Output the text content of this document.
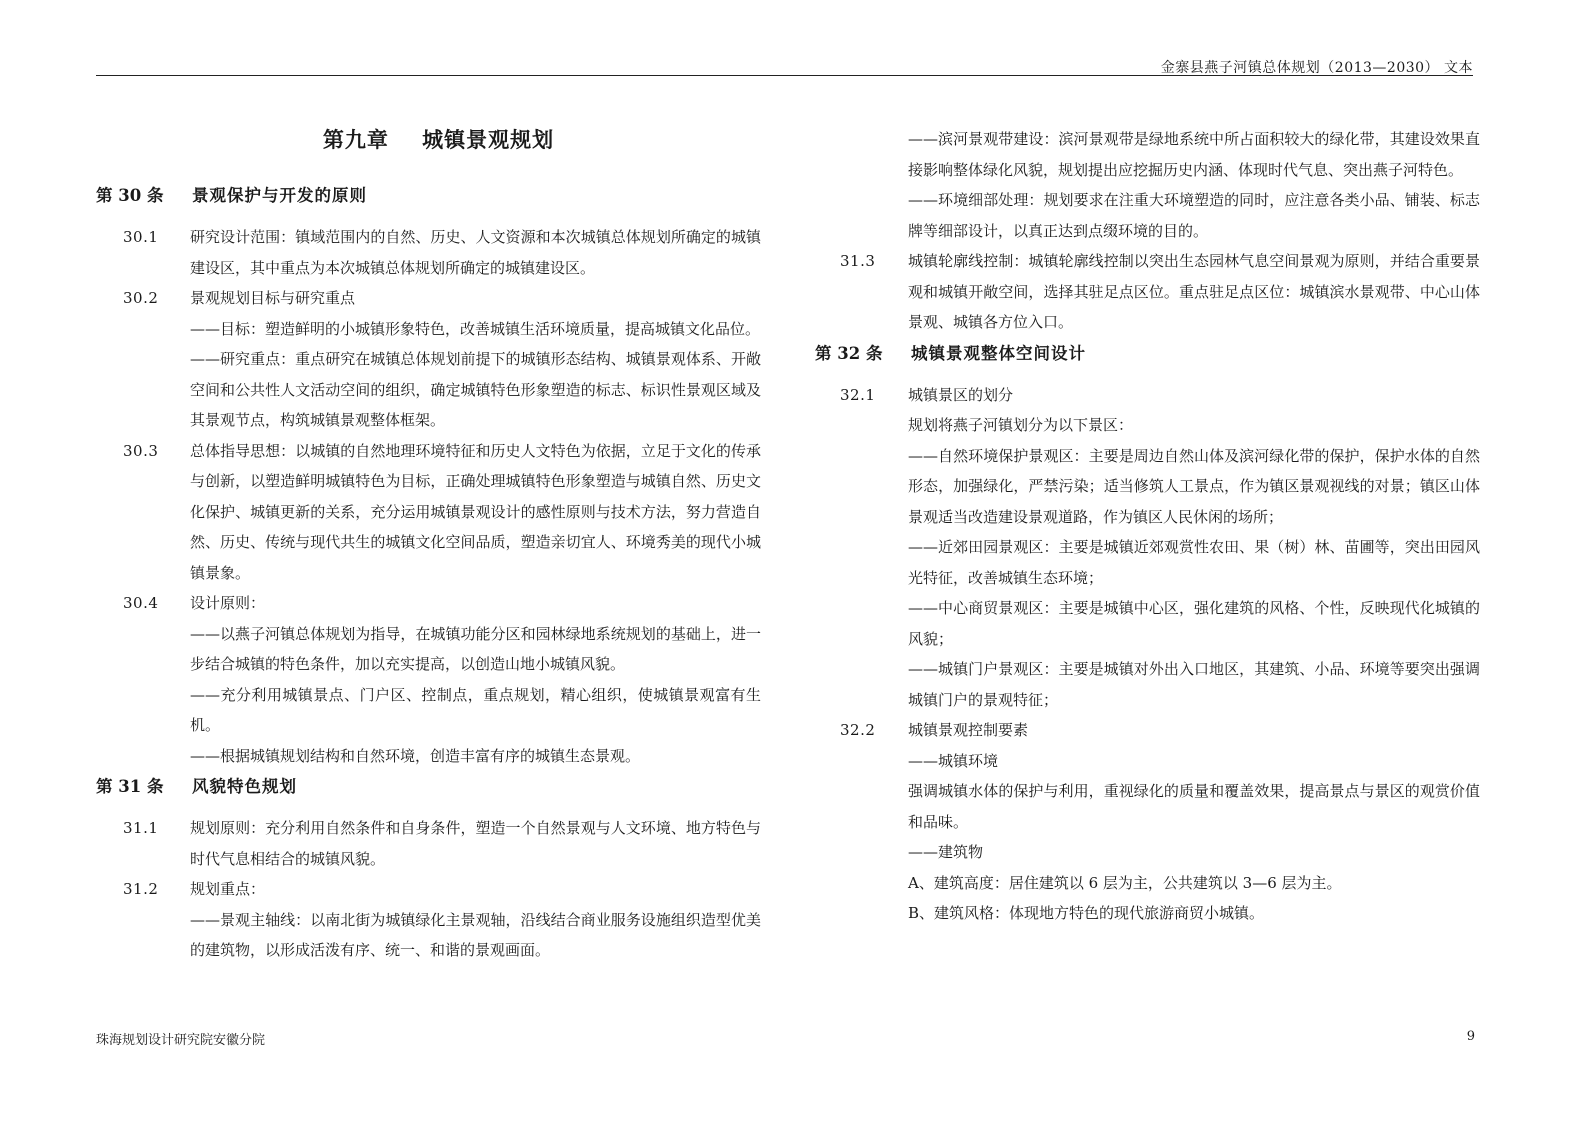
金寨县燕子河镇总体规划（2013—2030） 文本
第九章    城镇景观规划
第 30 条	景观保护与开发的原则
30.1	研究设计范围：镇域范围内的自然、历史、人文资源和本次城镇总体规划所确定的城镇建设区，其中重点为本次城镇总体规划所确定的城镇建设区。

30.2	景观规划目标与研究重点

——目标：塑造鲜明的小城镇形象特色，改善城镇生活环境质量，提高城镇文化品位。

——研究重点：重点研究在城镇总体规划前提下的城镇形态结构、城镇景观体系、开敞空间和公共性人文活动空间的组织，确定城镇特色形象塑造的标志、标识性景观区域及其景观节点，构筑城镇景观整体框架。

30.3	总体指导思想：以城镇的自然地理环境特征和历史人文特色为依据，立足于文化的传承与创新，以塑造鲜明城镇特色为目标，正确处理城镇特色形象塑造与城镇自然、历史文化保护、城镇更新的关系，充分运用城镇景观设计的感性原则与技术方法，努力营造自然、历史、传统与现代共生的城镇文化空间品质，塑造亲切宜人、环境秀美的现代小城镇景象。

30.4	设计原则：

——以燕子河镇总体规划为指导，在城镇功能分区和园林绿地系统规划的基础上，进一步结合城镇的特色条件，加以充实提高，以创造山地小城镇风貌。

——充分利用城镇景点、门户区、控制点，重点规划，精心组织，使城镇景观富有生机。

——根据城镇规划结构和自然环境，创造丰富有序的城镇生态景观。

第 31 条	风貌特色规划
31.1	规划原则：充分利用自然条件和自身条件，塑造一个自然景观与人文环境、地方特色与时代气息相结合的城镇风貌。

31.2	规划重点：

——景观主轴线：以南北街为城镇绿化主景观轴，沿线结合商业服务设施组织造型优美的建筑物，以形成活泼有序、统一、和谐的景观画面。

——滨河景观带建设：滨河景观带是绿地系统中所占面积较大的绿化带，其建设效果直接影响整体绿化风貌，规划提出应挖掘历史内涵、体现时代气息、突出燕子河特色。

——环境细部处理：规划要求在注重大环境塑造的同时，应注意各类小品、铺装、标志牌等细部设计，以真正达到点缀环境的目的。

31.3	城镇轮廓线控制：城镇轮廓线控制以突出生态园林气息空间景观为原则，并结合重要景观和城镇开敞空间，选择其驻足点区位。重点驻足点区位：城镇滨水景观带、中心山体景观、城镇各方位入口。

第 32 条	城镇景观整体空间设计
32.1	城镇景区的划分

规划将燕子河镇划分为以下景区：

——自然环境保护景观区：主要是周边自然山体及滨河绿化带的保护，保护水体的自然形态，加强绿化，严禁污染；适当修筑人工景点，作为镇区景观视线的对景；镇区山体景观适当改造建设景观道路，作为镇区人民休闲的场所；

——近郊田园景观区：主要是城镇近郊观赏性农田、果（树）林、苗圃等，突出田园风光特征，改善城镇生态环境；

——中心商贸景观区：主要是城镇中心区，强化建筑的风格、个性，反映现代化城镇的风貌；

——城镇门户景观区：主要是城镇对外出入口地区，其建筑、小品、环境等要突出强调城镇门户的景观特征；

32.2	城镇景观控制要素

——城镇环境

强调城镇水体的保护与利用，重视绿化的质量和覆盖效果，提高景点与景区的观赏价值和品味。

——建筑物

A、建筑高度：居住建筑以 6 层为主，公共建筑以 3—6 层为主。

B、建筑风格：体现地方特色的现代旅游商贸小城镇。

珠海规划设计研究院安徽分院	9
